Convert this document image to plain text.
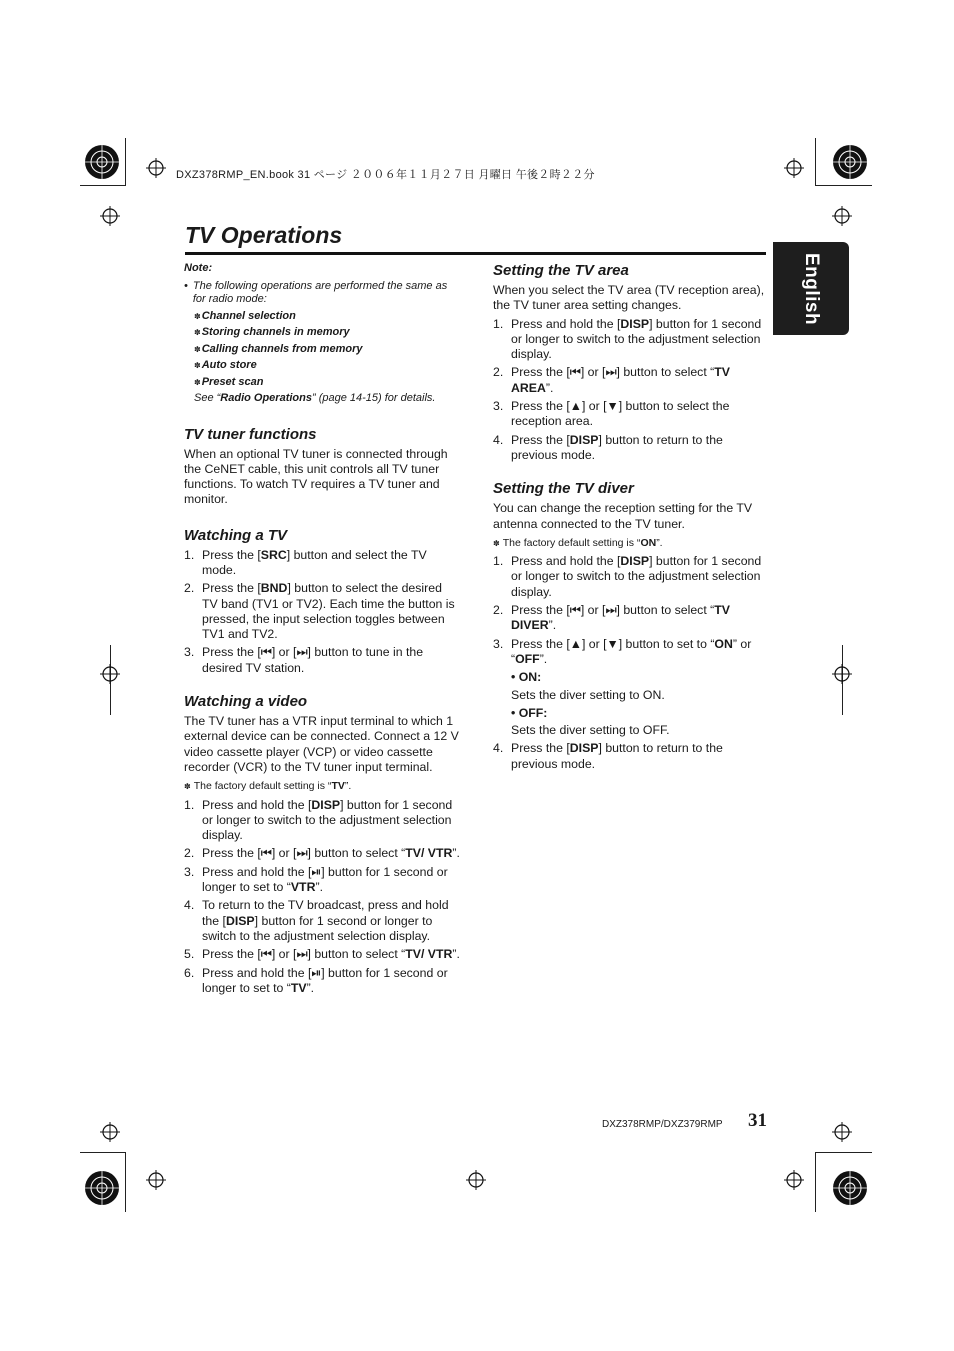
DXZ378RMP_EN.book 31 ページ ２００６年１１月２７日 月曜日 午後２時２２分
TV Operations
English
Note:
• The following operations are performed the same as for radio mode:
✽Channel selection
✽Storing channels in memory
✽Calling channels from memory
✽Auto store
✽Preset scan
See “Radio Operations” (page 14-15) for details.
TV tuner functions

When an optional TV tuner is connected through the CeNET cable, this unit controls all TV tuner functions. To watch TV requires a TV tuner and monitor.

Watching a TV
1. Press the [SRC] button and select the TV mode.
2. Press the [BND] button to select the desired TV band (TV1 or TV2). Each time the button is pressed, the input selection toggles between TV1 and TV2.
3. Press the [⏮] or [⏭] button to tune in the desired TV station.
Watching a video

The TV tuner has a VTR input terminal to which 1 external device can be connected. Connect a 12 V video cassette player (VCP) or video cassette recorder (VCR) to the TV tuner input terminal.

✽ The factory default setting is “TV”.
1. Press and hold the [DISP] button for 1 second or longer to switch to the adjustment selection display.
2. Press the [⏮] or [⏭] button to select “TV/ VTR”.
3. Press and hold the [⏯] button for 1 second or longer to set to “VTR”.
4. To return to the TV broadcast, press and hold the [DISP] button for 1 second or longer to switch to the adjustment selection display.
5. Press the [⏮] or [⏭] button to select “TV/ VTR”.
6. Press and hold the [⏯] button for 1 second or longer to set to “TV”.
Setting the TV area

When you select the TV area (TV reception area), the TV tuner area setting changes.

1. Press and hold the [DISP] button for 1 second or longer to switch to the adjustment selection display.
2. Press the [⏮] or [⏭] button to select “TV AREA”.
3. Press the [▲] or [▼] button to select the reception area.
4. Press the [DISP] button to return to the previous mode.
Setting the TV diver

You can change the reception setting for the TV antenna connected to the TV tuner.

✽ The factory default setting is “ON”.
1. Press and hold the [DISP] button for 1 second or longer to switch to the adjustment selection display.
2. Press the [⏮] or [⏭] button to select “TV DIVER”.
3. Press the [▲] or [▼] button to set to “ON” or “OFF”.
• ON:
Sets the diver setting to ON.
• OFF:
Sets the diver setting to OFF.
4. Press the [DISP] button to return to the previous mode.
DXZ378RMP/DXZ379RMP 31
